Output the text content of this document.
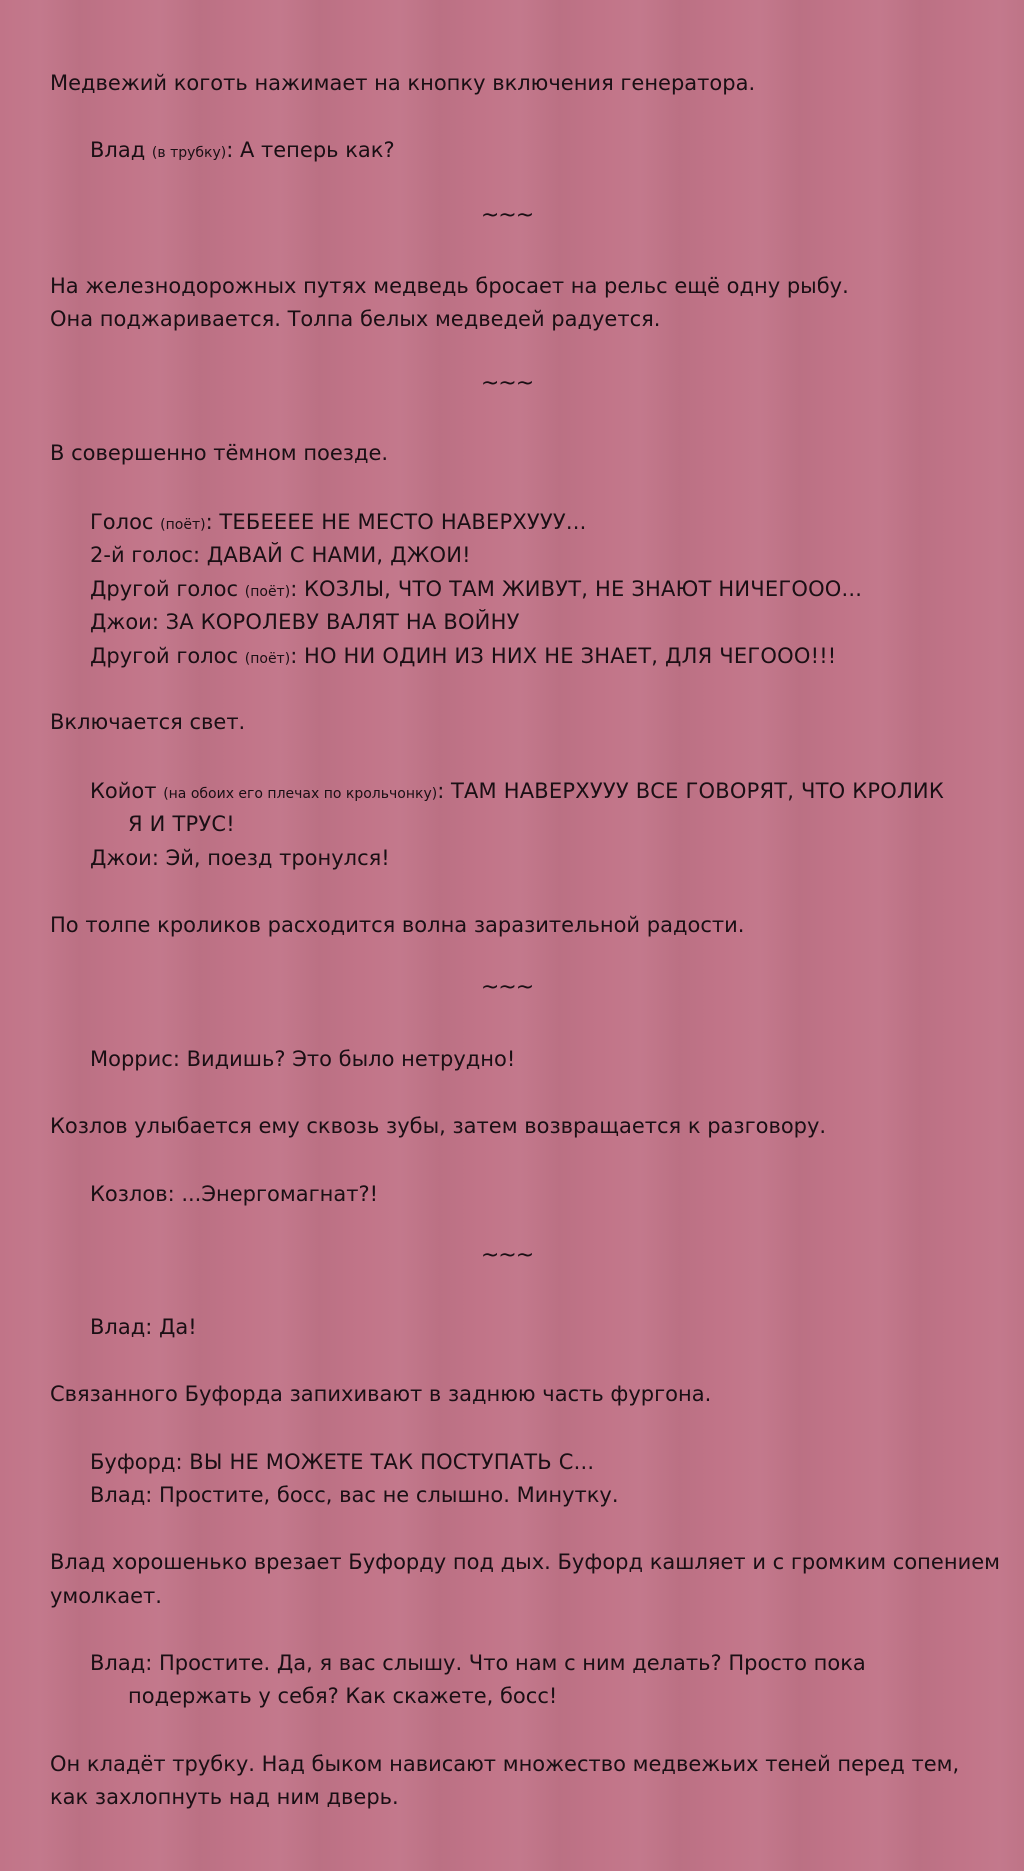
Медвежий коготь нажимает на кнопку включения генератора.
Влад (в трубку): А теперь как?
~~~
На железнодорожных путях медведь бросает на рельс ещё одну рыбу.
Она поджаривается. Толпа белых медведей радуется.
~~~
В совершенно тёмном поезде.
Голос (поёт): ТЕБЕЕЕЕ НЕ МЕСТО НАВЕРХУУУ...
2-й голос: ДАВАЙ С НАМИ, ДЖОИ!
Другой голос (поёт): КОЗЛЫ, ЧТО ТАМ ЖИВУТ, НЕ ЗНАЮТ НИЧЕГООО...
Джои: ЗА КОРОЛЕВУ ВАЛЯТ НА ВОЙНУ
Другой голос (поёт): НО НИ ОДИН ИЗ НИХ НЕ ЗНАЕТ, ДЛЯ ЧЕГООО!!!
Включается свет.
Койот (на обоих его плечах по крольчонку): ТАМ НАВЕРХУУУ ВСЕ ГОВОРЯТ, ЧТО КРОЛИК
Я И ТРУС!
Джои: Эй, поезд тронулся!
По толпе кроликов расходится волна заразительной радости.
~~~
Моррис: Видишь? Это было нетрудно!
Козлов улыбается ему сквозь зубы, затем возвращается к разговору.
Козлов: ...Энергомагнат?!
~~~
Влад: Да!
Связанного Буфорда запихивают в заднюю часть фургона.
Буфорд: ВЫ НЕ МОЖЕТЕ ТАК ПОСТУПАТЬ С...
Влад: Простите, босс, вас не слышно. Минутку.
Влад хорошенько врезает Буфорду под дых. Буфорд кашляет и с громким сопением
умолкает.
Влад: Простите. Да, я вас слышу. Что нам с ним делать? Просто пока
подержать у себя? Как скажете, босс!
Он кладёт трубку. Над быком нависают множество медвежьих теней перед тем,
как захлопнуть над ним дверь.
